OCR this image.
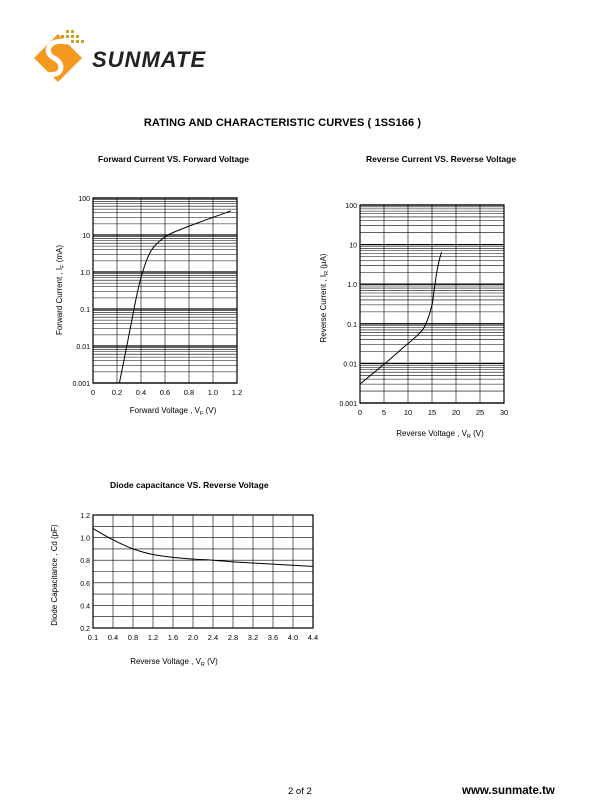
SUNMATE
RATING AND CHARACTERISTIC CURVES ( 1SS166 )
Forward Current VS. Forward Voltage	Reverse Current VS. Reverse Voltage
Diode capacitance VS. Reverse Voltage
0 0.2 0.4 0.6 0.8 1.0 1.2
0.001
0.01
0.1
1.0
10
100
Forward Voltage , $V_F$ (V)
Forward Current , $I_F$ (mA)
0	5 10 15 20 25 30
0.001
0.01
0.1
1.0
10
100
Reverse Voltage , $V_R$ (V)
Reverse Current , $I_R$ (μA)
0.1 0.4 0.8 1.2 1.6 2.0 2.4 2.8 3.2 3.6 4.0 4.4
0.2
0.4
0.6
0.8
1.0
1.2
Reverse Voltage , $V_R$ (V)
Diode Capacitance , Cd (pF)
2 of 2	www.sunmate.tw
